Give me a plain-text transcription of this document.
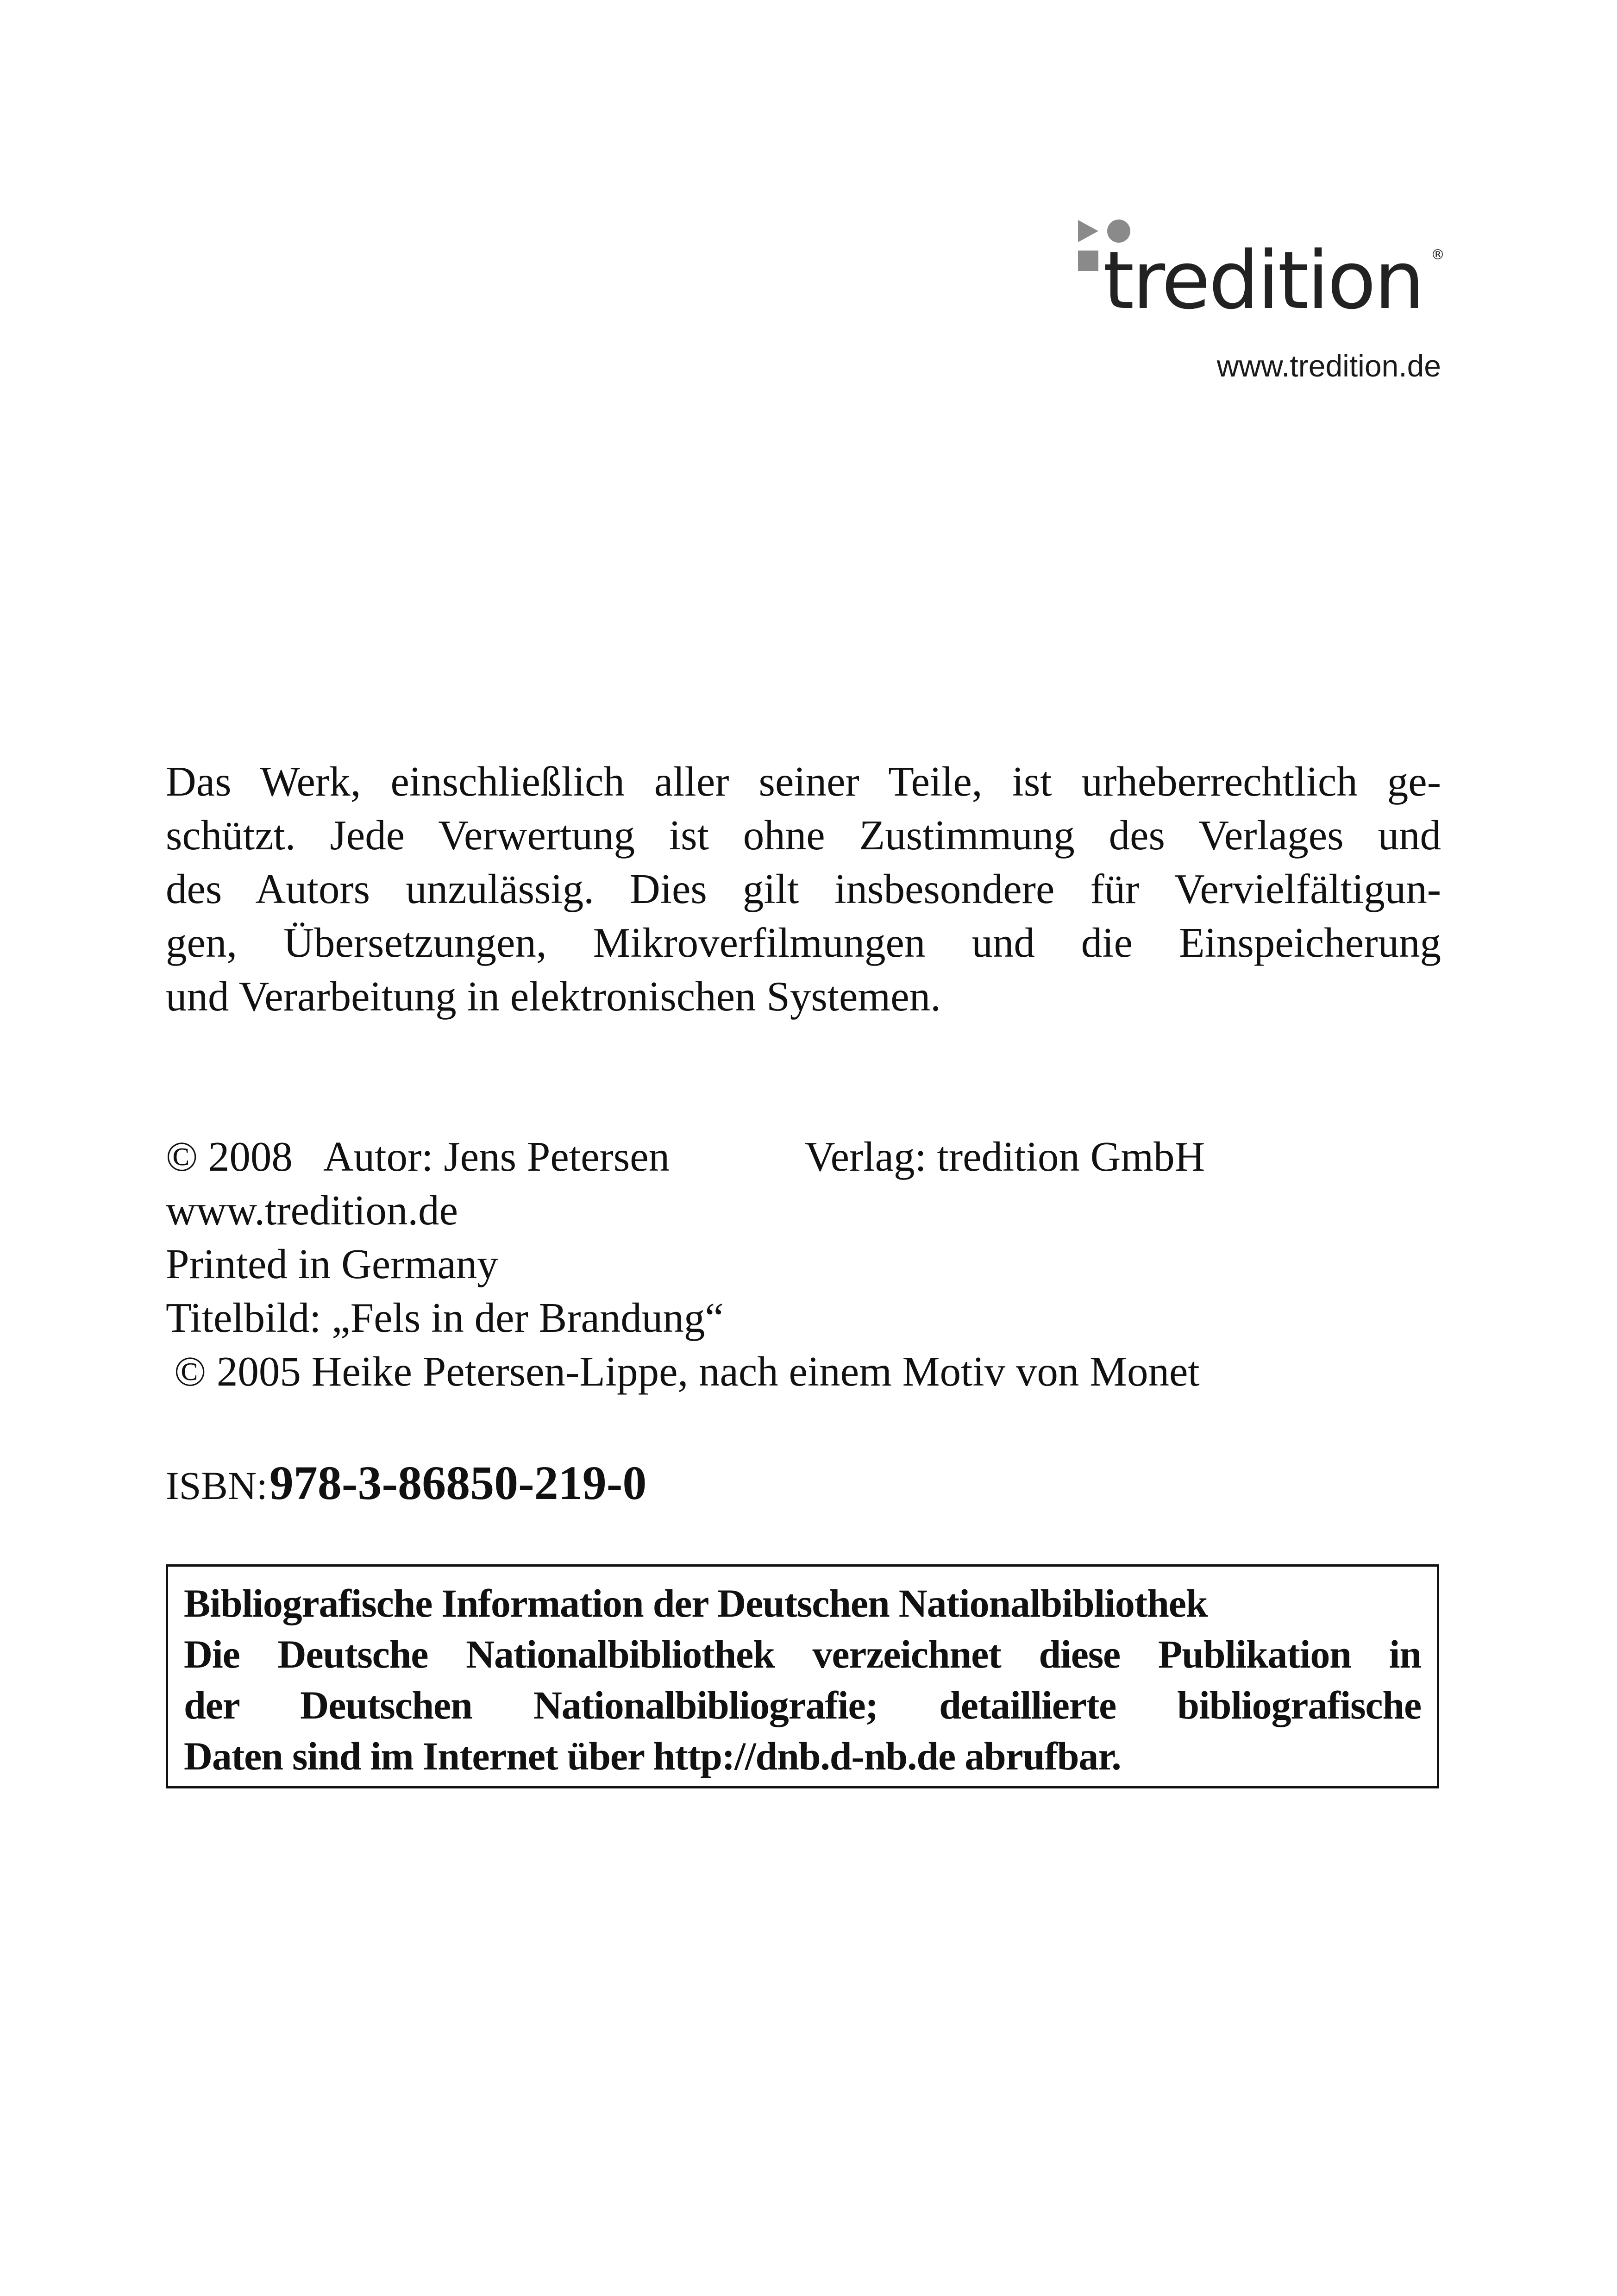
tredition ®
www.tredition.de
Das Werk, einschließlich aller seiner Teile, ist urheberrechtlich ge-
schützt. Jede Verwertung ist ohne Zustimmung des Verlages und
des Autors unzulässig. Dies gilt insbesondere für Vervielfältigun-
gen, Übersetzungen, Mikroverfilmungen und die Einspeicherung
und Verarbeitung in elektronischen Systemen.
© 2008 Autor: Jens Petersen	Verlag: tredition GmbH
www.tredition.de
Printed in Germany
Titelbild: „Fels in der Brandung“
© 2005 Heike Petersen-Lippe, nach einem Motiv von Monet
ISBN: 978-3-86850-219-0
Bibliografische Information der Deutschen Nationalbibliothek
Die Deutsche Nationalbibliothek verzeichnet diese Publikation in
der Deutschen Nationalbibliografie; detaillierte bibliografische
Daten sind im Internet über http://dnb.d-nb.de abrufbar.
